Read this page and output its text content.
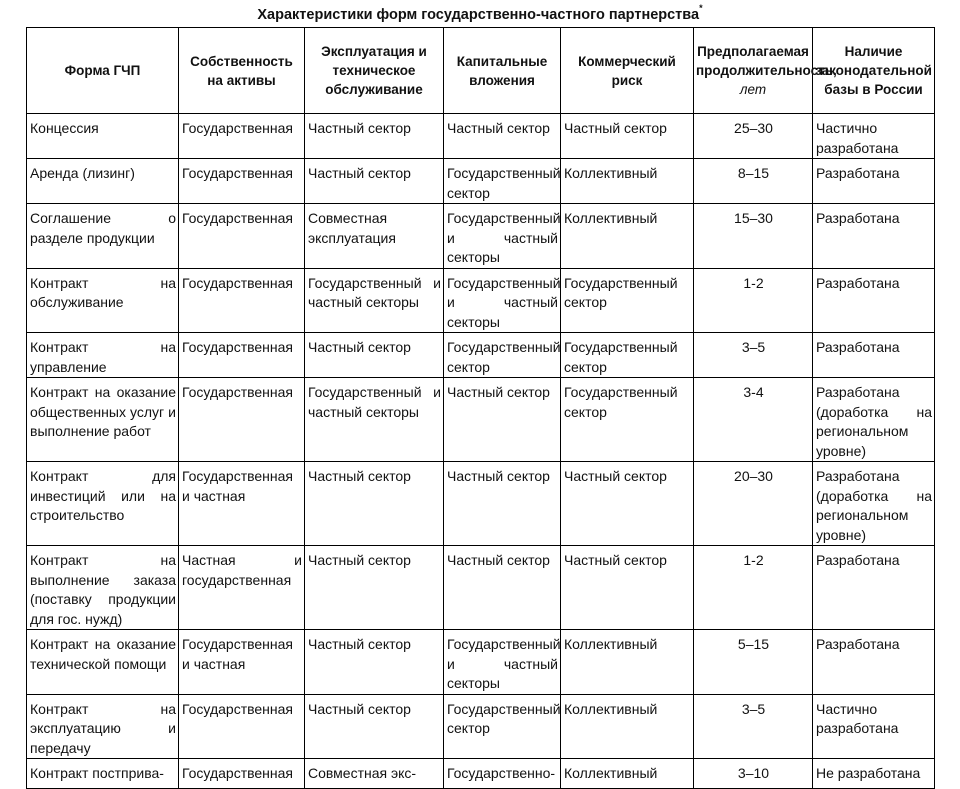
Характеристики форм государственно-частного партнерства*
Форма ГЧП	Собственность на активы	Эксплуатация и техническое обслуживание	Капитальные вложения	Коммерческий риск	Предполагаемая продолжительность, лет	Наличие законодательной базы в России
Концессия	Государственная	Частный сектор	Частный сектор	Частный сектор	25–30	Частично разработана
Аренда (лизинг)	Государственная	Частный сектор	Государственный сектор	Коллективный	8–15	Разработана
Соглашение о разделе продукции	Государственная	Совместная эксплуатация	Государственный и частный секторы	Коллективный	15–30	Разработана
Контракт на обслуживание	Государственная	Государственный и частный секторы	Государственный и частный секторы	Государственный сектор	1-2	Разработана
Контракт на управление	Государственная	Частный сектор	Государственный сектор	Государственный сектор	3–5	Разработана
Контракт на оказание общественных услуг и выполнение работ	Государственная	Государственный и частный секторы	Частный сектор	Государственный сектор	3-4	Разработана (доработка на региональном уровне)
Контракт для инвестиций или на строительство	Государственная и частная	Частный сектор	Частный сектор	Частный сектор	20–30	Разработана (доработка на региональном уровне)
Контракт на выполнение заказа (поставку продукции для гос. нужд)	Частная и государственная	Частный сектор	Частный сектор	Частный сектор	1-2	Разработана
Контракт на оказание технической помощи	Государственная и частная	Частный сектор	Государственный и частный секторы	Коллективный	5–15	Разработана
Контракт на эксплуатацию и передачу	Государственная	Частный сектор	Государственный сектор	Коллективный	3–5	Частично разработана
Контракт постприва-	Государственная	Совместная экс-	Государственно-	Коллективный	3–10	Не разработана
